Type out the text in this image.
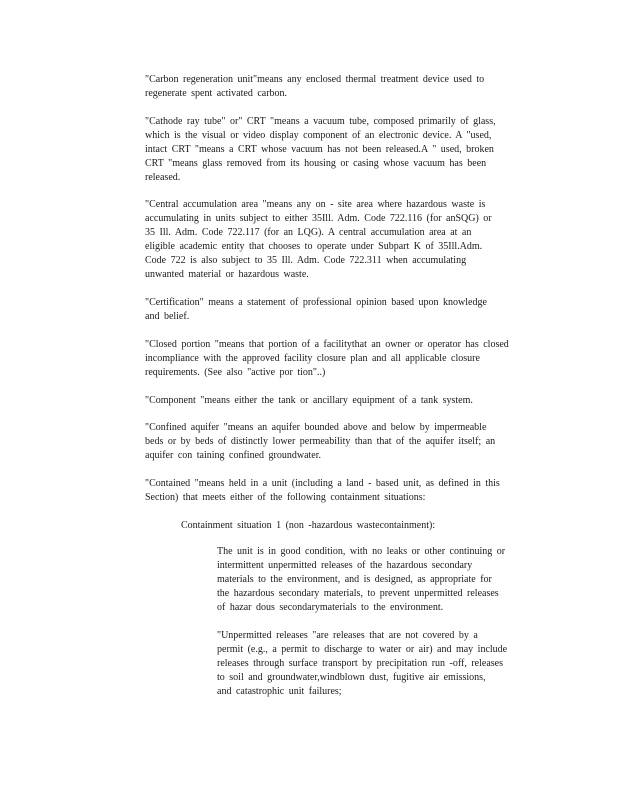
"Carbon regeneration unit"means any enclosed thermal treatment device used to
regenerate spent activated carbon.

"Cathode ray tube" or" CRT "means a vacuum tube, composed primarily of glass,
which is the visual or video display component of an electronic device. A "used,
intact CRT "means a CRT whose vacuum has not been released.A " used, broken
CRT "means glass removed from its housing or casing whose vacuum has been
released.

"Central accumulation area "means any on - site area where hazardous waste is
accumulating in units subject to either 35Ill. Adm. Code 722.116 (for anSQG) or
35 Ill. Adm. Code 722.117 (for an LQG). A central accumulation area at an
eligible academic entity that chooses to operate under Subpart K of 35Ill.Adm.
Code 722 is also subject to 35 Ill. Adm. Code 722.311 when accumulating
unwanted material or hazardous waste.

"Certification" means a statement of professional opinion based upon knowledge
and belief.

"Closed portion "means that portion of a facilitythat an owner or operator has closed
incompliance with the approved facility closure plan and all applicable closure
requirements. (See also "active por tion"..)

"Component "means either the tank or ancillary equipment of a tank system.

"Confined aquifer "means an aquifer bounded above and below by impermeable
beds or by beds of distinctly lower permeability than that of the aquifer itself; an
aquifer con taining confined groundwater.

"Contained "means held in a unit (including a land - based unit, as defined in this
Section) that meets either of the following containment situations:

Containment situation 1 (non -hazardous wastecontainment):

The unit is in good condition, with no leaks or other continuing or
intermittent unpermitted releases of the hazardous secondary
materials to the environment, and is designed, as appropriate for
the hazardous secondary materials, to prevent unpermitted releases
of hazar dous secondarymaterials to the environment.

"Unpermitted releases "are releases that are not covered by a
permit (e.g., a permit to discharge to water or air) and may include
releases through surface transport by precipitation run -off, releases
to soil and groundwater,windblown dust, fugitive air emissions,
and catastrophic unit failures;
